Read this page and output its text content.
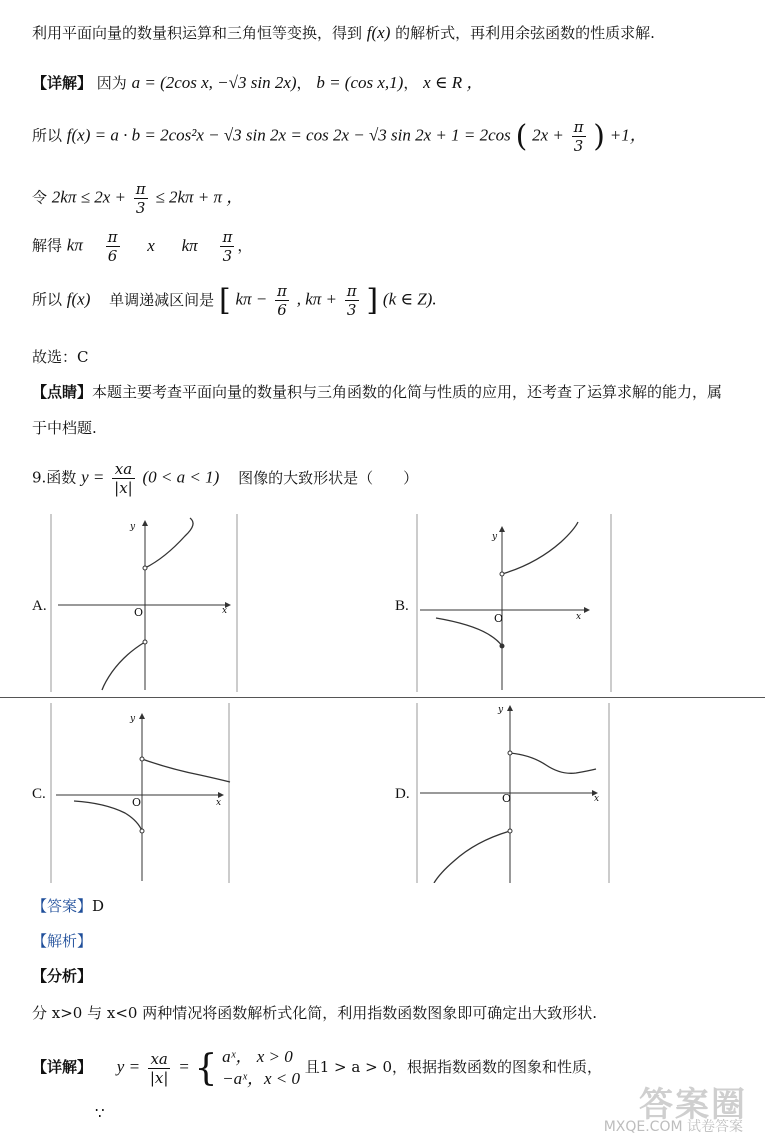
利用平面向量的数量积运算和三角恒等变换，得到 f(x) 的解析式，再利用余弦函数的性质求解.
【详解】 因为 a = (2cos x, −√3 sin 2x)， b = (cos x,1)， x ∈ R ，
所以 f(x) = a · b = 2cos²x − √3 sin 2x = cos 2x − √3 sin 2x + 1 = 2cos ( $2x + \frac{\pi}{3}$ ) +1，
令 $2k\pi \le 2x + \frac{\pi}{3} \le 2k\pi + \pi$ ，
解得 kπ $\frac{\pi}{6}$ x kπ $\frac{\pi}{3}$ ，
所以 f(x) 单调递减区间是 [ $k\pi - \frac{\pi}{6}$ , $k\pi + \frac{\pi}{3}$ ] (k ∈ Z).
故选：C
【点睛】本题主要考查平面向量的数量积与三角函数的化简与性质的应用，还考查了运算求解的能力，属
于中档题.
9.函数 $y = \frac{xa}{|x|} (0 < a < 1)$ 图像的大致形状是（　　）
A.
y
x
O	B.
y
x
O
C.
y
x
O
D.
y
x
O
【答案】D
【解析】
【分析】
分 x>0 与 x<0 两种情况将函数解析式化简，利用指数函数图象即可确定出大致形状.
【详解】 $y = \frac{xa}{|x|}$ = { aˣ， x > 0
−aˣ，x < 0
且1 > a > 0，根据指数函数的图象和性质，
∵	答案圈
MXQE.COM 试卷答案
